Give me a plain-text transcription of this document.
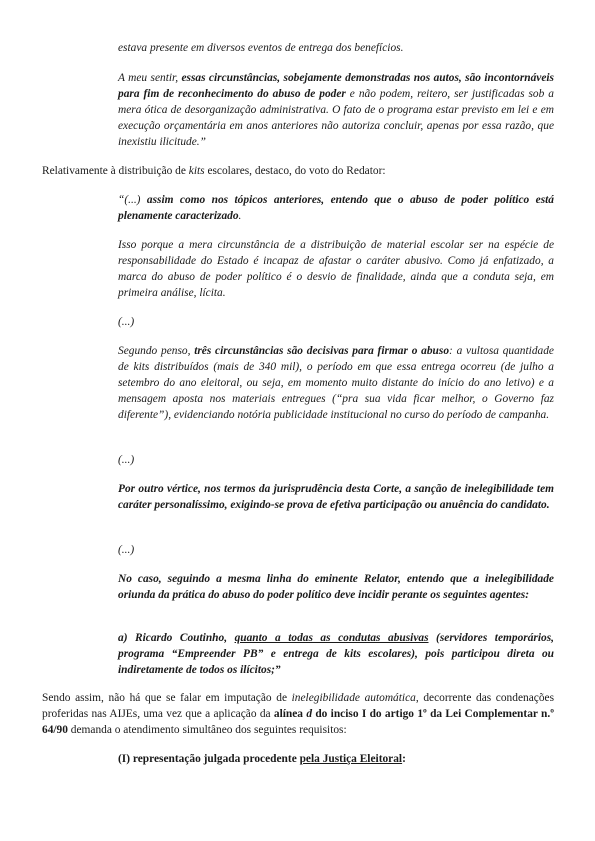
estava presente em diversos eventos de entrega dos benefícios.

A meu sentir, essas circunstâncias, sobejamente demonstradas nos autos, são incontornáveis para fim de reconhecimento do abuso de poder e não podem, reitero, ser justificadas sob a mera ótica de desorganização administrativa. O fato de o programa estar previsto em lei e em execução orçamentária em anos anteriores não autoriza concluir, apenas por essa razão, que inexistiu ilicitude.”

Relativamente à distribuição de kits escolares, destaco, do voto do Redator:

“(...) assim como nos tópicos anteriores, entendo que o abuso de poder político está plenamente caracterizado.

Isso porque a mera circunstância de a distribuição de material escolar ser na espécie de responsabilidade do Estado é incapaz de afastar o caráter abusivo. Como já enfatizado, a marca do abuso de poder político é o desvio de finalidade, ainda que a conduta seja, em primeira análise, lícita.

(...)

Segundo penso, três circunstâncias são decisivas para firmar o abuso: a vultosa quantidade de kits distribuídos (mais de 340 mil), o período em que essa entrega ocorreu (de julho a setembro do ano eleitoral, ou seja, em momento muito distante do início do ano letivo) e a mensagem aposta nos materiais entregues (“pra sua vida ficar melhor, o Governo faz diferente”), evidenciando notória publicidade institucional no curso do período de campanha.

(...)

Por outro vértice, nos termos da jurisprudência desta Corte, a sanção de inelegibilidade tem caráter personalíssimo, exigindo-se prova de efetiva participação ou anuência do candidato.

(...)

No caso, seguindo a mesma linha do eminente Relator, entendo que a inelegibilidade oriunda da prática do abuso do poder político deve incidir perante os seguintes agentes:

a) Ricardo Coutinho, quanto a todas as condutas abusivas (servidores temporários, programa “Empreender PB” e entrega de kits escolares), pois participou direta ou indiretamente de todos os ilícitos;”

Sendo assim, não há que se falar em imputação de inelegibilidade automática, decorrente das condenações proferidas nas AIJEs, uma vez que a aplicação da alínea d do inciso I do artigo 1º da Lei Complementar n.º 64/90 demanda o atendimento simultâneo dos seguintes requisitos:

(I) representação julgada procedente pela Justiça Eleitoral:
